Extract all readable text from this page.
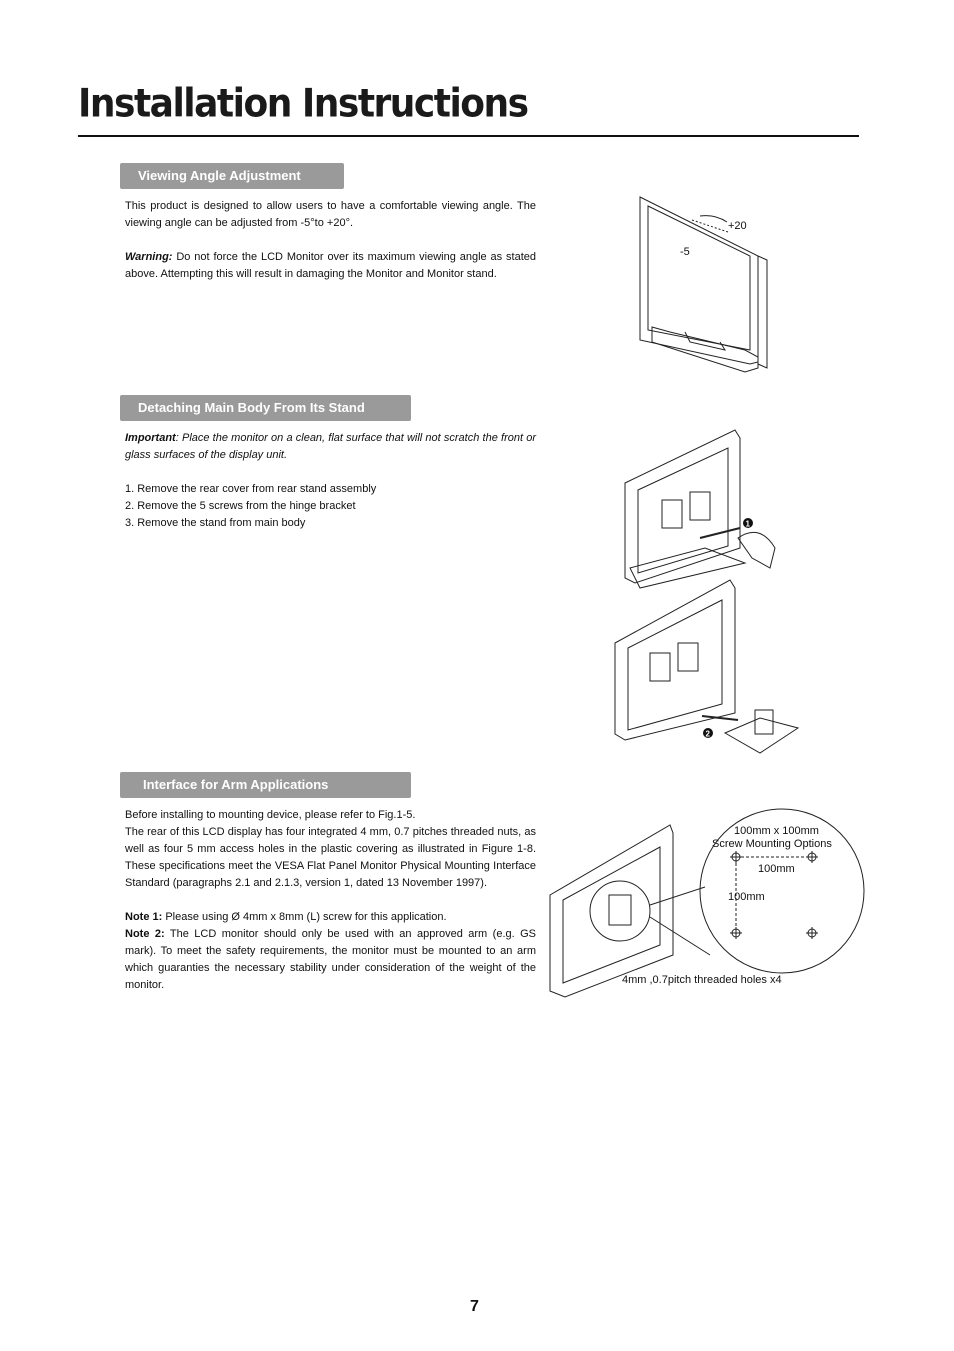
Installation Instructions
Viewing Angle Adjustment

This product is designed to allow users to have a comfortable viewing angle. The viewing angle can be adjusted from -5°to +20°.

Warning: Do not force the LCD Monitor over its maximum viewing angle as stated above. Attempting this will result in damaging the Monitor and Monitor stand.

+20
-5
Detaching Main Body From Its Stand

Important: Place the monitor on a clean, flat surface that will not scratch the front or glass surfaces of the display unit.

1. Remove the rear cover from rear stand assembly

2. Remove the 5 screws from the hinge bracket

3. Remove the stand from main body	1
2
Interface for Arm Applications

Before installing to mounting device, please refer to Fig.1-5.

The rear of this LCD display has four integrated 4 mm, 0.7 pitches threaded nuts, as well as four 5 mm access holes in the plastic covering as illustrated in Figure 1-8. These specifications meet the VESA Flat Panel Monitor Physical Mounting Interface Standard (paragraphs 2.1 and 2.1.3, version 1, dated 13 November 1997).

Note 1: Please using Ø 4mm x 8mm (L) screw for this application.

Note 2: The LCD monitor should only be used with an approved arm (e.g. GS mark). To meet the safety requirements, the monitor must be mounted to an arm which guaranties the necessary stability under consideration of the weight of the monitor.

100mm x 100mm
Screw Mounting Options
100mm
100mm
4mm ,0.7pitch threaded holes x4
7
